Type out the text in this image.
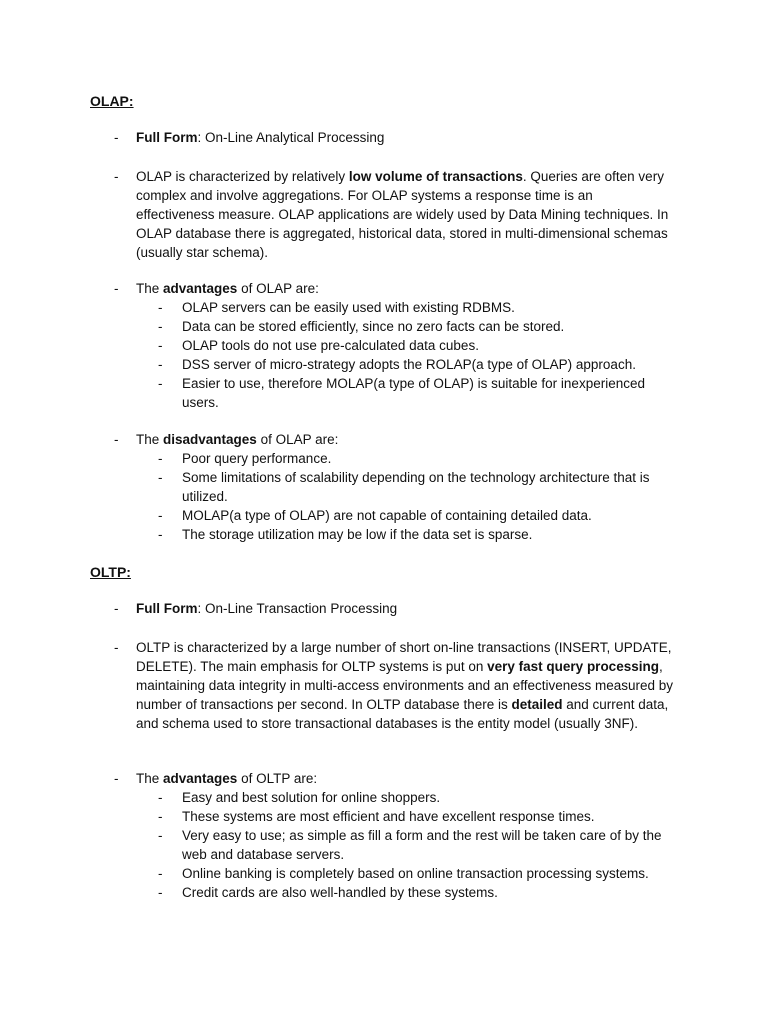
OLAP:
- Full Form: On-Line Analytical Processing
- OLAP is characterized by relatively low volume of transactions. Queries are often very complex and involve aggregations. For OLAP systems a response time is an effectiveness measure. OLAP applications are widely used by Data Mining techniques. In OLAP database there is aggregated, historical data, stored in multi-dimensional schemas (usually star schema).
- The advantages of OLAP are:
- OLAP servers can be easily used with existing RDBMS.
- Data can be stored efficiently, since no zero facts can be stored.
- OLAP tools do not use pre-calculated data cubes.
- DSS server of micro-strategy adopts the ROLAP(a type of OLAP) approach.
- Easier to use, therefore MOLAP(a type of OLAP) is suitable for inexperienced users.
- The disadvantages of OLAP are:
- Poor query performance.
- Some limitations of scalability depending on the technology architecture that is utilized.
- MOLAP(a type of OLAP) are not capable of containing detailed data.
- The storage utilization may be low if the data set is sparse.
OLTP:
- Full Form: On-Line Transaction Processing
- OLTP is characterized by a large number of short on-line transactions (INSERT, UPDATE, DELETE). The main emphasis for OLTP systems is put on very fast query processing, maintaining data integrity in multi-access environments and an effectiveness measured by number of transactions per second. In OLTP database there is detailed and current data, and schema used to store transactional databases is the entity model (usually 3NF).
- The advantages of OLTP are:
- Easy and best solution for online shoppers.
- These systems are most efficient and have excellent response times.
- Very easy to use; as simple as fill a form and the rest will be taken care of by the web and database servers.
- Online banking is completely based on online transaction processing systems.
- Credit cards are also well-handled by these systems.
